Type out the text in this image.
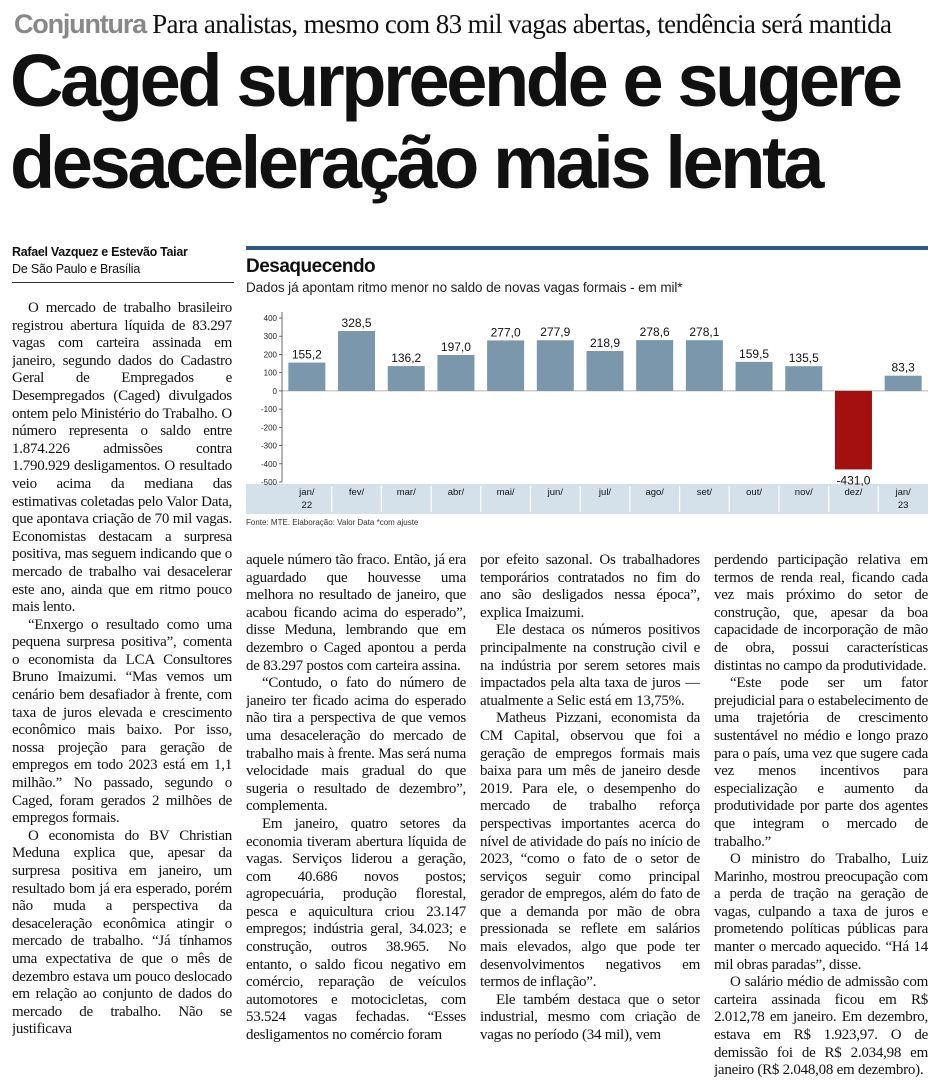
Conjuntura Para analistas, mesmo com 83 mil vagas abertas, tendência será mantida
Caged surpreende e sugere
desaceleração mais lenta
Rafael Vazquez e Estevão Taiar
De São Paulo e Brasília

O mercado de trabalho brasileiro registrou abertura líquida de 83.297 vagas com carteira assinada em janeiro, segundo dados do Cadastro Geral de Empregados e Desempregados (Caged) divulgados ontem pelo Ministério do Trabalho. O número representa o saldo entre 1.874.226 admissões contra 1.790.929 desligamentos. O resultado veio acima da mediana das estimativas coletadas pelo Valor Data, que apontava criação de 70 mil vagas. Economistas destacam a surpresa positiva, mas seguem indicando que o mercado de trabalho vai desacelerar este ano, ainda que em ritmo pouco mais lento.

“Enxergo o resultado como uma pequena surpresa positiva”, comenta o economista da LCA Consultores Bruno Imaizumi. “Mas vemos um cenário bem desafiador à frente, com taxa de juros elevada e crescimento econômico mais baixo. Por isso, nossa projeção para geração de empregos em todo 2023 está em 1,1 milhão.” No passado, segundo o Caged, foram gerados 2 milhões de empregos formais.

O economista do BV Christian Meduna explica que, apesar da surpresa positiva em janeiro, um resultado bom já era esperado, porém não muda a perspectiva da desaceleração econômica atingir o mercado de trabalho. “Já tínhamos uma expectativa de que o mês de dezembro estava um pouco deslocado em relação ao conjunto de dados do mercado de trabalho. Não se justificava

Desaquecendo
Dados já apontam ritmo menor no saldo de novas vagas formais - em mil*
400
300
200
100
0
-100
-200
-300
-400
-500
155,2
jan/
22
328,5
fev/
136,2
mar/
197,0
abr/
277,0
mai/
277,9
jun/
218,9
jul/
278,6
ago/
278,1
set/
159,5
out/
135,5
nov/
-431,0
dez/
83,3
jan/
23
Fonte: MTE. Elaboração: Valor Data *com ajuste

aquele número tão fraco. Então, já era aguardado que houvesse uma melhora no resultado de janeiro, que acabou ficando acima do esperado”, disse Meduna, lembrando que em dezembro o Caged apontou a perda de 83.297 postos com carteira assina.

“Contudo, o fato do número de janeiro ter ficado acima do esperado não tira a perspectiva de que vemos uma desaceleração do mercado de trabalho mais à frente. Mas será numa velocidade mais gradual do que sugeria o resultado de dezembro”, complementa.

Em janeiro, quatro setores da economia tiveram abertura líquida de vagas. Serviços liderou a geração, com 40.686 novos postos; agropecuária, produção florestal, pesca e aquicultura criou 23.147 empregos; indústria geral, 34.023; e construção, outros 38.965. No entanto, o saldo ficou negativo em comércio, reparação de veículos automotores e motocicletas, com 53.524 vagas fechadas. “Esses desligamentos no comércio foram

por efeito sazonal. Os trabalhadores temporários contratados no fim do ano são desligados nessa época”, explica Imaizumi.

Ele destaca os números positivos principalmente na construção civil e na indústria por serem setores mais impactados pela alta taxa de juros — atualmente a Selic está em 13,75%.

Matheus Pizzani, economista da CM Capital, observou que foi a geração de empregos formais mais baixa para um mês de janeiro desde 2019. Para ele, o desempenho do mercado de trabalho reforça perspectivas importantes acerca do nível de atividade do país no início de 2023, “como o fato de o setor de serviços seguir como principal gerador de empregos, além do fato de que a demanda por mão de obra pressionada se reflete em salários mais elevados, algo que pode ter desenvolvimentos negativos em termos de inflação”.

Ele também destaca que o setor industrial, mesmo com criação de vagas no período (34 mil), vem

perdendo participação relativa em termos de renda real, ficando cada vez mais próximo do setor de construção, que, apesar da boa capacidade de incorporação de mão de obra, possui características distintas no campo da produtividade.

“Este pode ser um fator prejudicial para o estabelecimento de uma trajetória de crescimento sustentável no médio e longo prazo para o país, uma vez que sugere cada vez menos incentivos para especialização e aumento da produtividade por parte dos agentes que integram o mercado de trabalho.”

O ministro do Trabalho, Luiz Marinho, mostrou preocupação com a perda de tração na geração de vagas, culpando a taxa de juros e prometendo políticas públicas para manter o mercado aquecido. “Há 14 mil obras paradas”, disse.

O salário médio de admissão com carteira assinada ficou em R$ 2.012,78 em janeiro. Em dezembro, estava em R$ 1.923,97. O de demissão foi de R$ 2.034,98 em janeiro (R$ 2.048,08 em dezembro).
